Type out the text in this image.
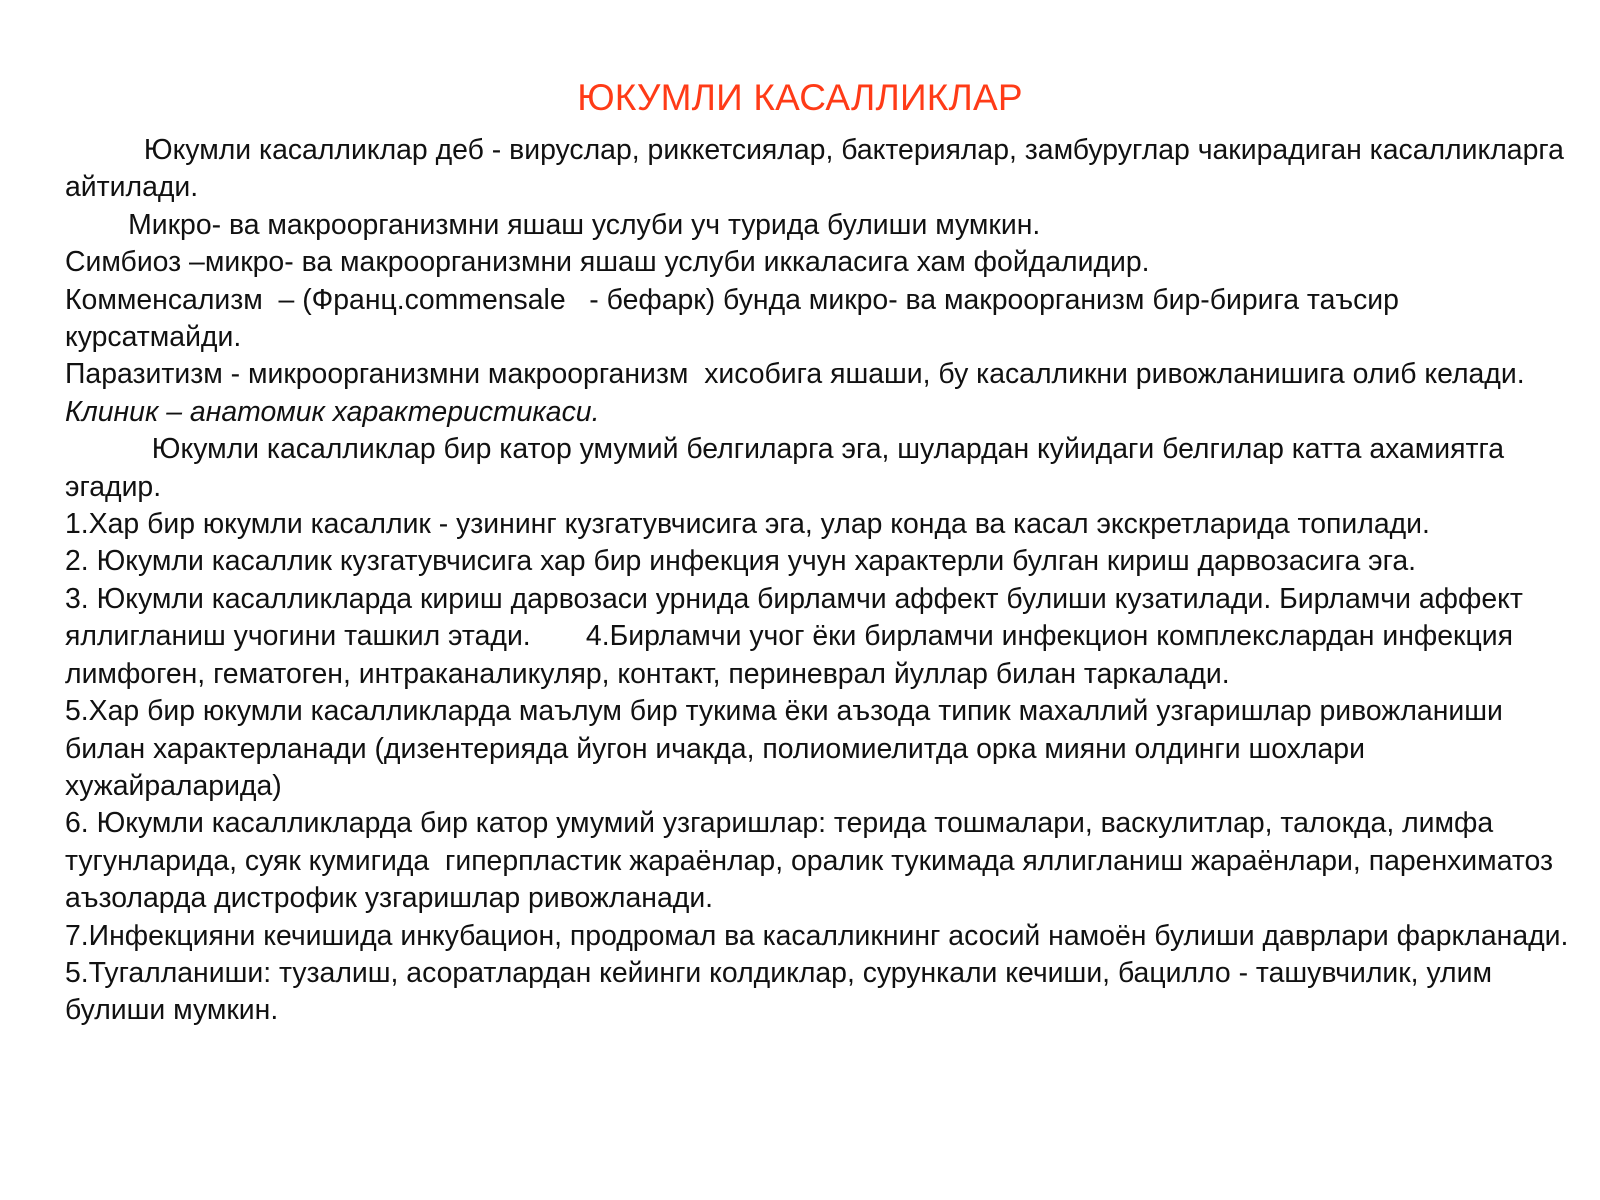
ЮКУМЛИ КАСАЛЛИКЛАР

Юкумли касалликлар деб - вируслар, риккетсиялар, бактериялар, замбуруглар чакирадиган касалликларга айтилади.

Микро- ва макроорганизмни яшаш услуби уч турида булиши мумкин.

Симбиоз –микро- ва макроорганизмни яшаш услуби иккаласига хам фойдалидир.

Комменсализм  – (Франц.commensale   - бефарк) бунда микро- ва макроорганизм бир-бирига таъсир курсатмайди.

Паразитизм - микроорганизмни макроорганизм  хисобига яшаши, бу касалликни ривожланишига олиб келади.

Клиник – анатомик характеристикаси.

Юкумли касалликлар бир катор умумий белгиларга эга, шулардан куйидаги белгилар катта ахамиятга эгадир.

1.Хар бир юкумли касаллик - узининг кузгатувчисига эга, улар конда ва касал экскретларида топилади.

2. Юкумли касаллик кузгатувчисига хар бир инфекция учун характерли булган кириш дарвозасига эга.

3. Юкумли касалликларда кириш дарвозаси урнида бирламчи аффект булиши кузатилади. Бирламчи аффект яллигланиш учогини ташкил этади.       4.Бирламчи учог ёки бирламчи инфекцион комплекслардан инфекция лимфоген, гематоген, интраканаликуляр, контакт, периневрал йуллар билан таркалади.

5.Хар бир юкумли касалликларда маълум бир тукима ёки аъзода типик махаллий узгаришлар ривожланиши билан характерланади (дизентерияда йугон ичакда, полиомиелитда орка мияни олдинги шохлари хужайраларида)

6. Юкумли касалликларда бир катор умумий узгаришлар: терида тошмалари, васкулитлар, талокда, лимфа тугунларида, суяк кумигида  гиперпластик жараёнлар, оралик тукимада яллигланиш жараёнлари, паренхиматоз аъзоларда дистрофик узгаришлар ривожланади.

7.Инфекцияни кечишида инкубацион, продромал ва касалликнинг асосий намоён булиши даврлари фаркланади.

5.Тугалланиши: тузалиш, асоратлардан кейинги колдиклар, сурункали кечиши, бацилло - ташувчилик, улим булиши мумкин.
